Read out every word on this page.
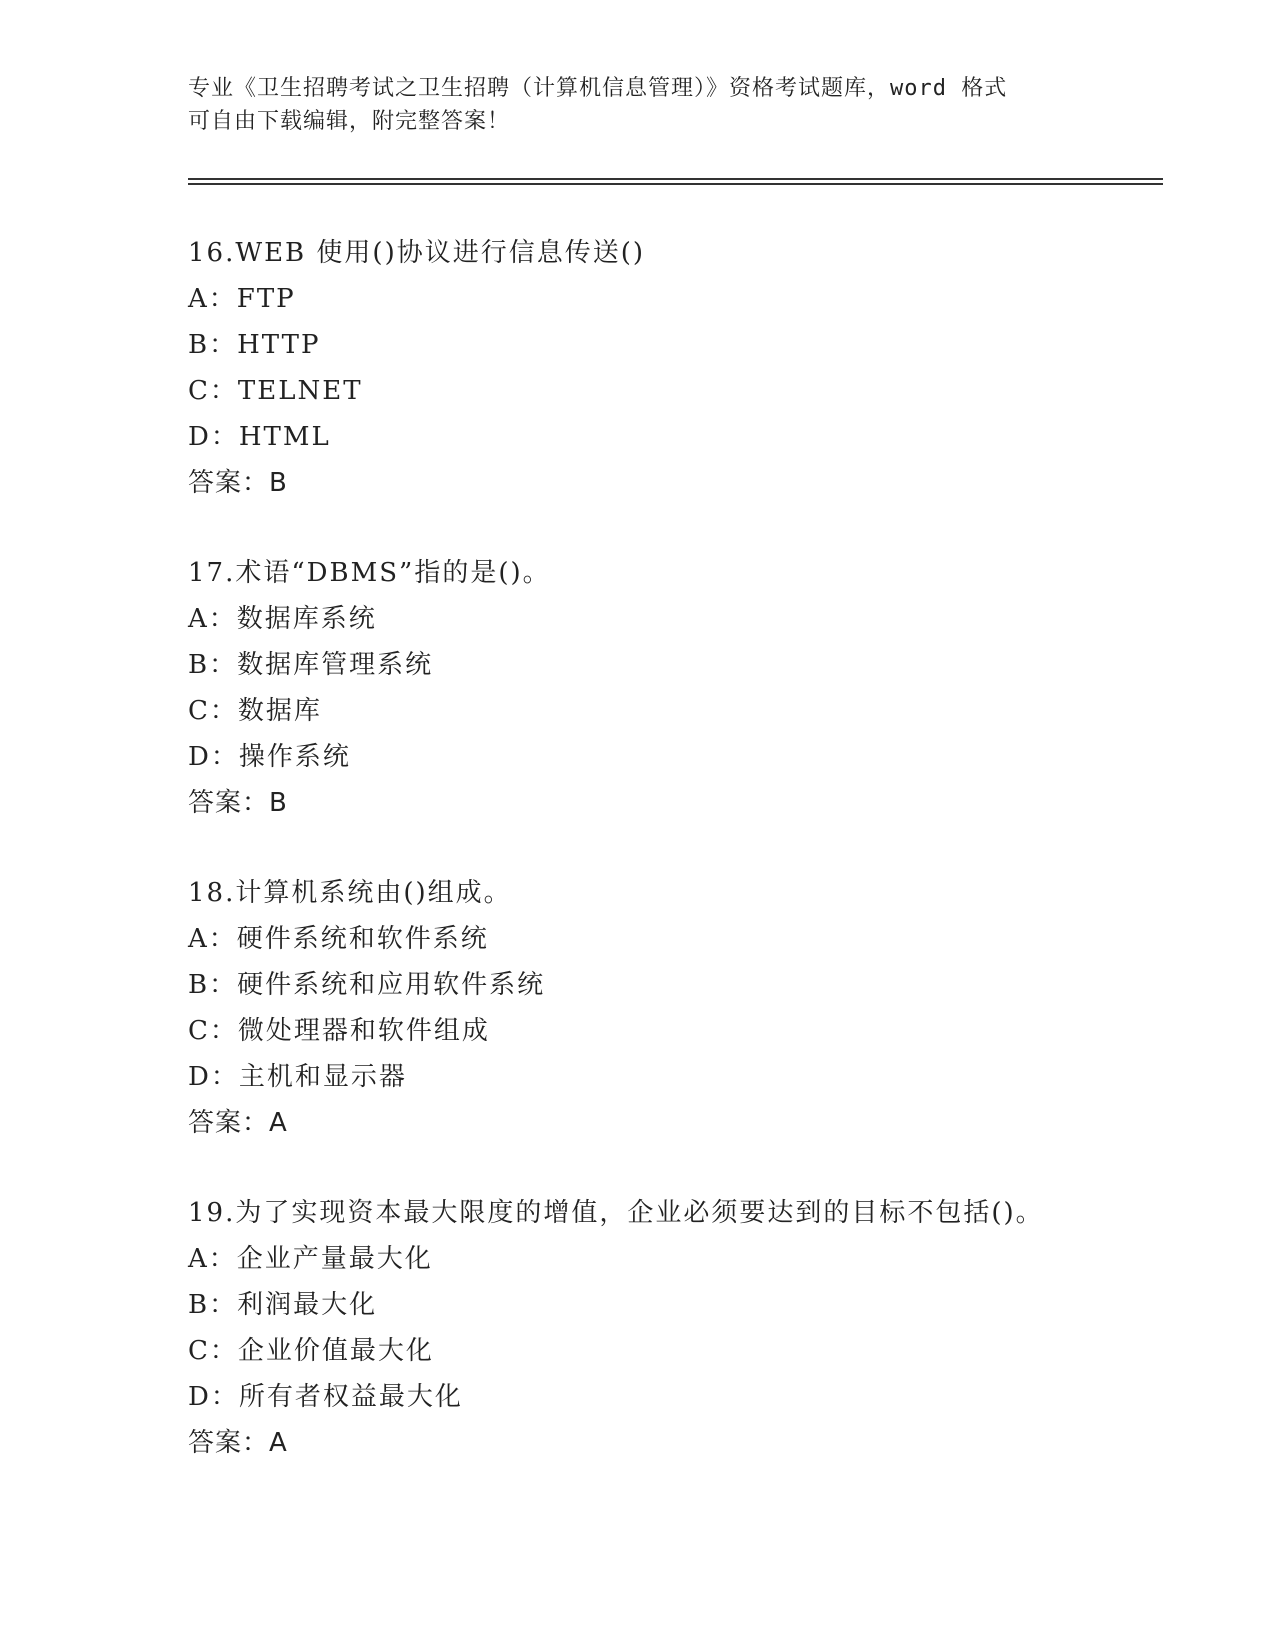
专业《卫生招聘考试之卫生招聘（计算机信息管理）》资格考试题库，word 格式
可自由下载编辑，附完整答案！
16.WEB 使用()协议进行信息传送()
A：FTP
B：HTTP
C：TELNET
D：HTML
答案：B
17.术语“DBMS”指的是()。
A：数据库系统
B：数据库管理系统
C：数据库
D：操作系统
答案：B
18.计算机系统由()组成。
A：硬件系统和软件系统
B：硬件系统和应用软件系统
C：微处理器和软件组成
D：主机和显示器
答案：A
19.为了实现资本最大限度的增值，企业必须要达到的目标不包括()。
A：企业产量最大化
B：利润最大化
C：企业价值最大化
D：所有者权益最大化
答案：A
